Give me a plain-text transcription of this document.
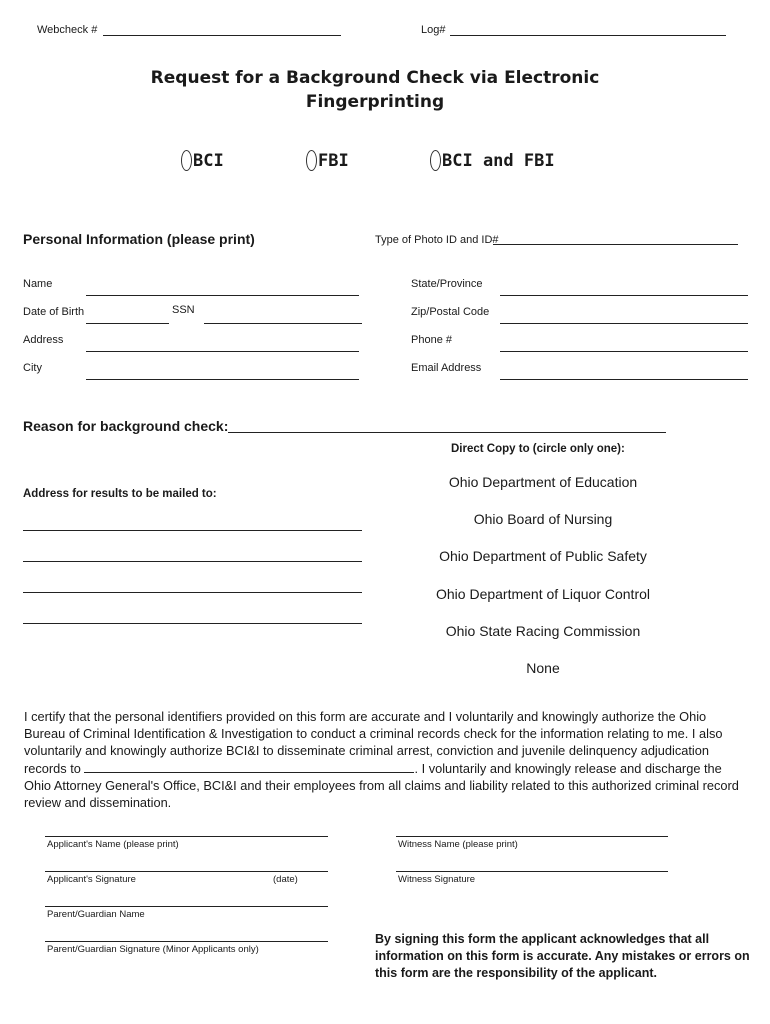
Webcheck #	Log#
Request for a Background Check via Electronic
Fingerprinting
BCI	FBI	BCI and FBI
Personal Information (please print)	Type of Photo ID and ID#
Name
Date of Birth	SSN
Address
City
State/Province
Zip/Postal Code
Phone #
Email Address
Reason for background check:
Direct Copy to (circle only one):
Ohio Department of Education
Ohio Board of Nursing
Ohio Department of Public Safety
Ohio Department of Liquor Control
Ohio State Racing Commission
None
Address for results to be mailed to:

I certify that the personal identifiers provided on this form are accurate and I voluntarily and knowingly authorize the Ohio Bureau of Criminal Identification & Investigation to conduct a criminal records check for the information relating to me. I also voluntarily and knowingly authorize BCI&I to disseminate criminal arrest, conviction and juvenile delinquency adjudication records to	. I voluntarily and knowingly release and discharge the Ohio Attorney General's Office, BCI&I and their employees from all claims and liability related to this authorized criminal record review and dissemination.

Applicant's Name (please print)	Witness Name (please print)
Applicant's Signature	(date)	Witness Signature
Parent/Guardian Name
Parent/Guardian Signature (Minor Applicants only)
By signing this form the applicant acknowledges that all information on this form is accurate. Any mistakes or errors on this form are the responsibility of the applicant.
